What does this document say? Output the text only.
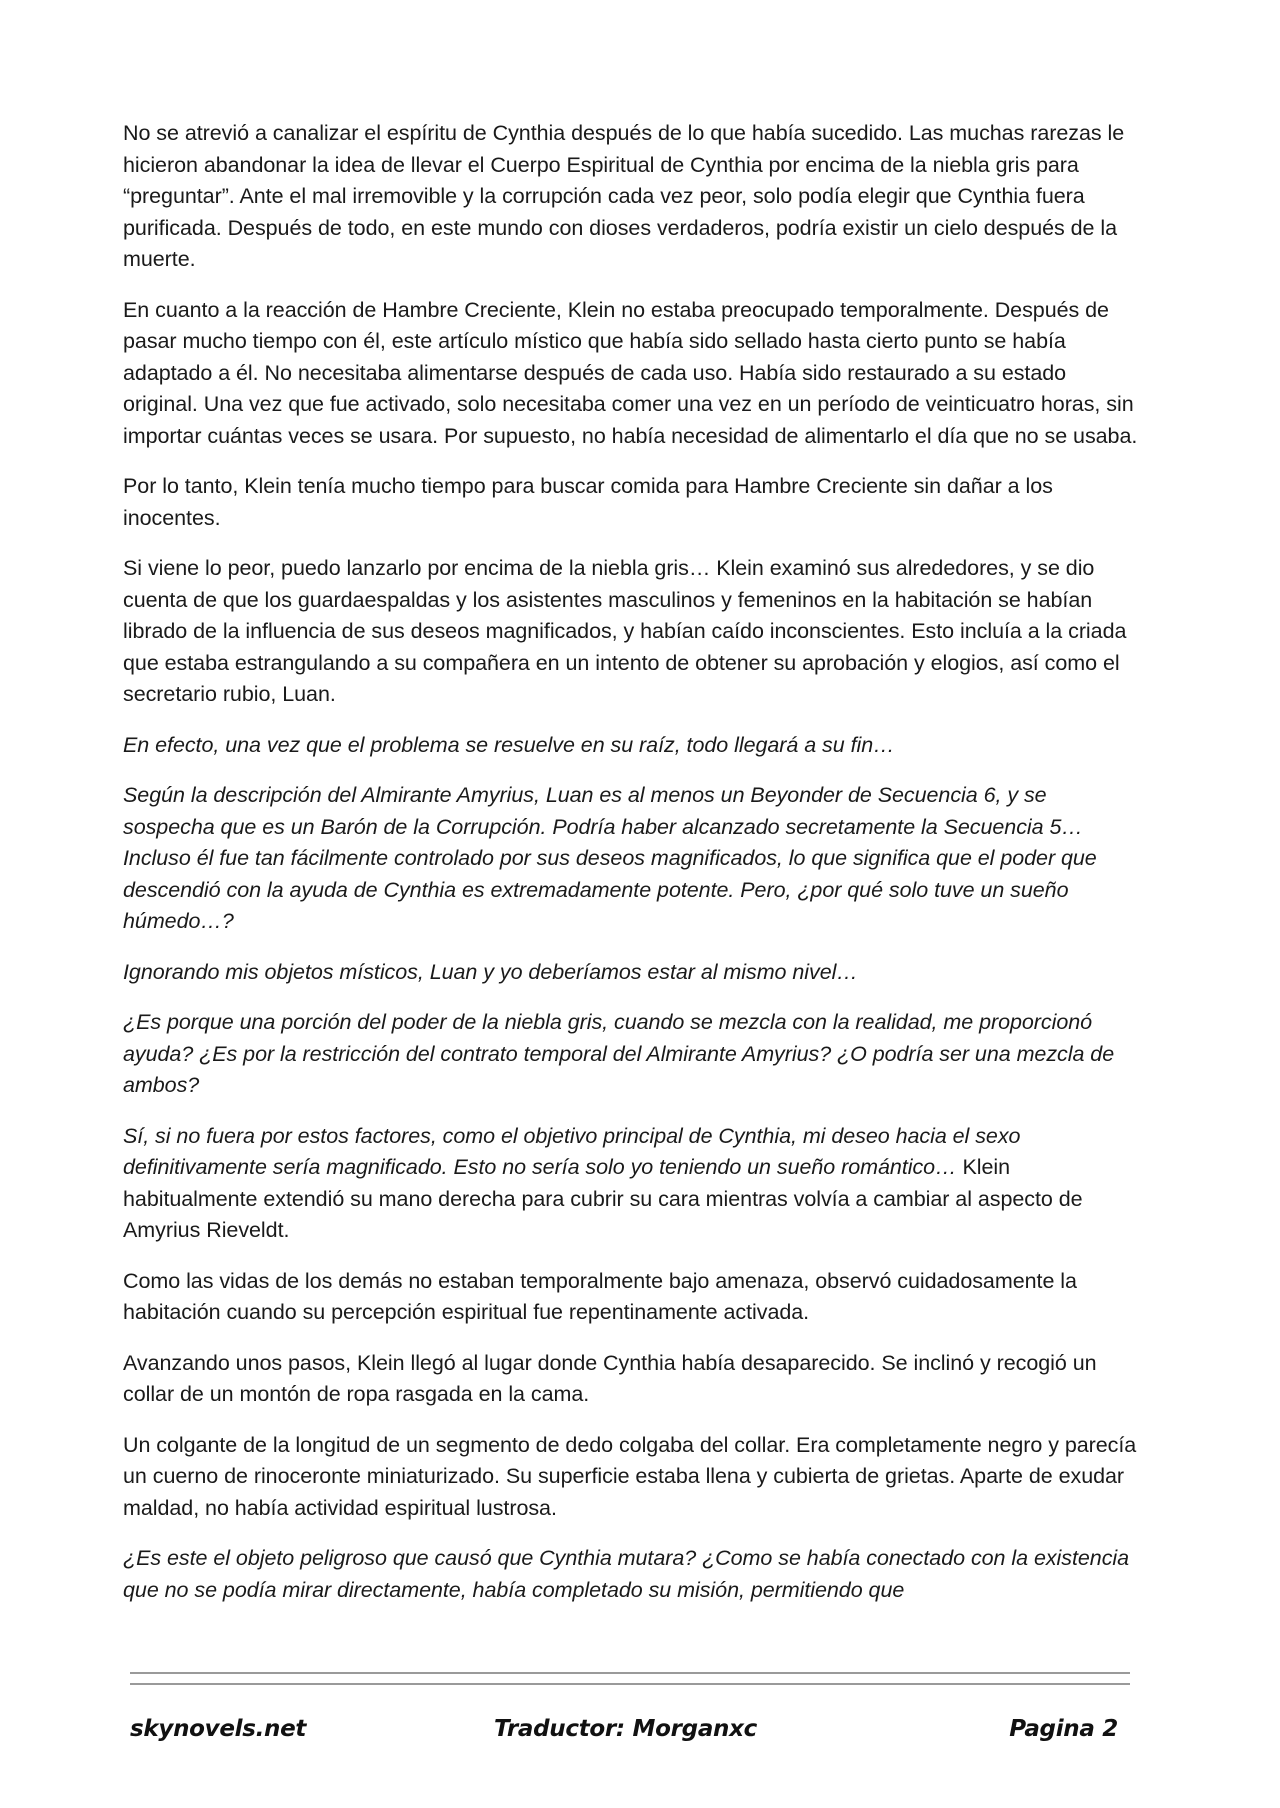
No se atrevió a canalizar el espíritu de Cynthia después de lo que había sucedido. Las muchas rarezas le hicieron abandonar la idea de llevar el Cuerpo Espiritual de Cynthia por encima de la niebla gris para “preguntar”. Ante el mal irremovible y la corrupción cada vez peor, solo podía elegir que Cynthia fuera purificada. Después de todo, en este mundo con dioses verdaderos, podría existir un cielo después de la muerte.

En cuanto a la reacción de Hambre Creciente, Klein no estaba preocupado temporalmente. Después de pasar mucho tiempo con él, este artículo místico que había sido sellado hasta cierto punto se había adaptado a él. No necesitaba alimentarse después de cada uso. Había sido restaurado a su estado original. Una vez que fue activado, solo necesitaba comer una vez en un período de veinticuatro horas, sin importar cuántas veces se usara. Por supuesto, no había necesidad de alimentarlo el día que no se usaba.

Por lo tanto, Klein tenía mucho tiempo para buscar comida para Hambre Creciente sin dañar a los inocentes.

Si viene lo peor, puedo lanzarlo por encima de la niebla gris… Klein examinó sus alrededores, y se dio cuenta de que los guardaespaldas y los asistentes masculinos y femeninos en la habitación se habían librado de la influencia de sus deseos magnificados, y habían caído inconscientes. Esto incluía a la criada que estaba estrangulando a su compañera en un intento de obtener su aprobación y elogios, así como el secretario rubio, Luan.

En efecto, una vez que el problema se resuelve en su raíz, todo llegará a su fin…

Según la descripción del Almirante Amyrius, Luan es al menos un Beyonder de Secuencia 6, y se sospecha que es un Barón de la Corrupción. Podría haber alcanzado secretamente la Secuencia 5… Incluso él fue tan fácilmente controlado por sus deseos magnificados, lo que significa que el poder que descendió con la ayuda de Cynthia es extremadamente potente. Pero, ¿por qué solo tuve un sueño húmedo…?

Ignorando mis objetos místicos, Luan y yo deberíamos estar al mismo nivel…

¿Es porque una porción del poder de la niebla gris, cuando se mezcla con la realidad, me proporcionó ayuda? ¿Es por la restricción del contrato temporal del Almirante Amyrius? ¿O podría ser una mezcla de ambos?

Sí, si no fuera por estos factores, como el objetivo principal de Cynthia, mi deseo hacia el sexo definitivamente sería magnificado. Esto no sería solo yo teniendo un sueño romántico… Klein habitualmente extendió su mano derecha para cubrir su cara mientras volvía a cambiar al aspecto de Amyrius Rieveldt.

Como las vidas de los demás no estaban temporalmente bajo amenaza, observó cuidadosamente la habitación cuando su percepción espiritual fue repentinamente activada.

Avanzando unos pasos, Klein llegó al lugar donde Cynthia había desaparecido. Se inclinó y recogió un collar de un montón de ropa rasgada en la cama.

Un colgante de la longitud de un segmento de dedo colgaba del collar. Era completamente negro y parecía un cuerno de rinoceronte miniaturizado. Su superficie estaba llena y cubierta de grietas. Aparte de exudar maldad, no había actividad espiritual lustrosa.

¿Es este el objeto peligroso que causó que Cynthia mutara? ¿Como se había conectado con la existencia que no se podía mirar directamente, había completado su misión, permitiendo que

skynovels.net	Traductor: Morganxc	Pagina 2
